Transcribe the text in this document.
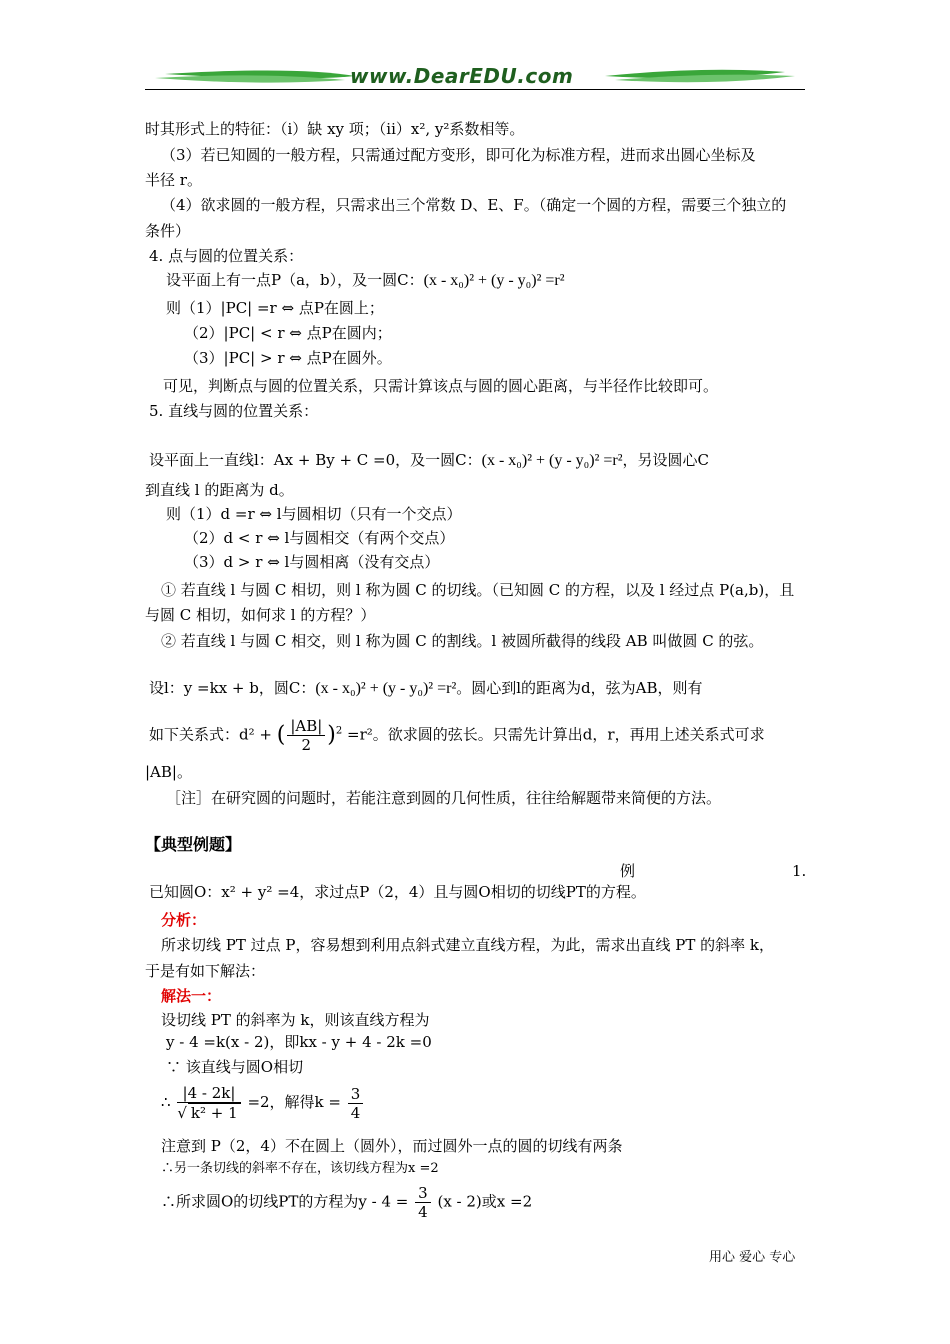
www.DearEDU.com
时其形式上的特征：（i）缺 xy 项；（ii）x², y²系数相等。
（3）若已知圆的一般方程，只需通过配方变形，即可化为标准方程，进而求出圆心坐标及
半径 r。
（4）欲求圆的一般方程，只需求出三个常数 D、E、F。（确定一个圆的方程，需要三个独立的
条件）
4. 点与圆的位置关系：
设平面上有一点P（a，b），及一圆C：(x - x₀)² + (y - y₀)² =r²
则（1）|PC| =r ⇔ 点P在圆上；
（2）|PC| < r ⇔ 点P在圆内；
（3）|PC| > r ⇔ 点P在圆外。
可见，判断点与圆的位置关系，只需计算该点与圆的圆心距离，与半径作比较即可。
5. 直线与圆的位置关系：
设平面上一直线l：Ax + By + C =0，及一圆C：(x - x₀)² + (y - y₀)² =r²，另设圆心C
到直线 l 的距离为 d。
则（1）d =r ⇔ l与圆相切（只有一个交点）
（2）d < r ⇔ l与圆相交（有两个交点）
（3）d > r ⇔ l与圆相离（没有交点）
① 若直线 l 与圆 C 相切，则 l 称为圆 C 的切线。（已知圆 C 的方程，以及 l 经过点 P(a,b)，且
与圆 C 相切，如何求 l 的方程？）
② 若直线 l 与圆 C 相交，则 l 称为圆 C 的割线。l 被圆所截得的线段 AB 叫做圆 C 的弦。
设l：y =kx + b，圆C：(x - x₀)² + (y - y₀)² =r²。圆心到l的距离为d，弦为AB，则有
如下关系式：d² + ( $\frac{|AB|}{2} )^2 =r^2$。欲求圆的弦长。只需先计算出d，r，再用上述关系式可求
|AB|。
［注］在研究圆的问题时，若能注意到圆的几何性质，往往给解题带来简便的方法。
【典型例题】
例	1.
已知圆O：x² + y² =4，求过点P（2，4）且与圆O相切的切线PT的方程。
分析：
所求切线 PT 过点 P，容易想到利用点斜式建立直线方程，为此，需求出直线 PT 的斜率 k，
于是有如下解法：
解法一：
设切线 PT 的斜率为 k，则该直线方程为
y - 4 =k(x - 2)，即kx - y + 4 - 2k =0
∵ 该直线与圆O相切
∴ $\frac{|4 - 2k|}{\text{√ k² + 1}} =2$，解得$k = \frac{3}{4}$
注意到 P（2，4）不在圆上（圆外），而过圆外一点的圆的切线有两条
∴另一条切线的斜率不存在，该切线方程为x =2
∴所求圆O的切线PT的方程为$y - 4 = \frac{3}{4} (x - 2)$或x =2
用心 爱心 专心
